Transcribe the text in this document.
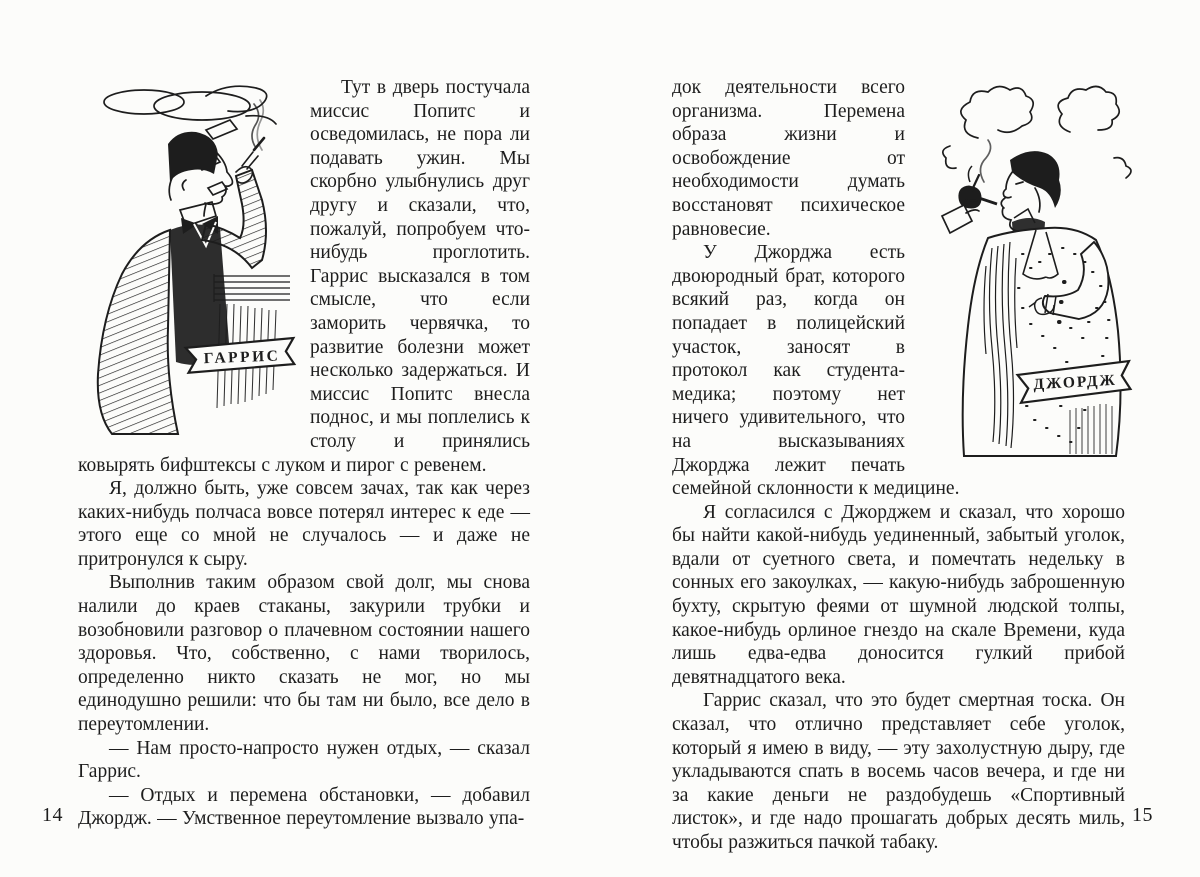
ГАРРИС
Тут в дверь постучала миссис Попитс и осведомилась, не пора ли подавать ужин. Мы скорбно улыбнулись друг другу и сказали, что, пожалуй, попробуем что-нибудь проглотить. Гаррис высказался в том смысле, что если заморить червячка, то развитие болезни может несколько задержаться. И миссис Попитс внесла поднос, и мы поплелись к столу и принялись ковырять бифштексы с луком и пирог с ревенем.

Я, должно быть, уже совсем зачах, так как через каких-нибудь полчаса вовсе потерял интерес к еде — этого еще со мной не случалось — и даже не притронулся к сыру.

Выполнив таким образом свой долг, мы снова налили до краев стаканы, закурили трубки и возобновили разговор о плачевном состоянии нашего здоровья. Что, собственно, с нами творилось, определенно никто сказать не мог, но мы единодушно решили: что бы там ни было, все дело в переутомлении.

— Нам просто-напросто нужен отдых, — сказал Гаррис.

— Отдых и перемена обстановки, — добавил Джордж. — Умственное переутомление вызвало упа-

14

ДЖОРДЖ
док деятельности всего организма. Перемена образа жизни и освобождение от необходимости думать восстановят психическое равновесие.

У Джорджа есть двоюродный брат, которого всякий раз, когда он попадает в полицейский участок, заносят в протокол как студента-медика; поэтому нет ничего удивительного, что на высказываниях Джорджа лежит печать семейной склонности к медицине.

Я согласился с Джорджем и сказал, что хорошо бы найти какой-нибудь уединенный, забытый уголок, вдали от суетного света, и помечтать недельку в сонных его закоулках, — какую-нибудь заброшенную бухту, скрытую феями от шумной людской толпы, какое-нибудь орлиное гнездо на скале Времени, куда лишь едва-едва доносится гулкий прибой девятнадцатого века.

Гаррис сказал, что это будет смертная тоска. Он сказал, что отлично представляет себе уголок, который я имею в виду, — эту захолустную дыру, где укладываются спать в восемь часов вечера, и где ни за какие деньги не раздобудешь «Спортивный листок», и где надо прошагать добрых десять миль, чтобы разжиться пачкой табаку.

15
